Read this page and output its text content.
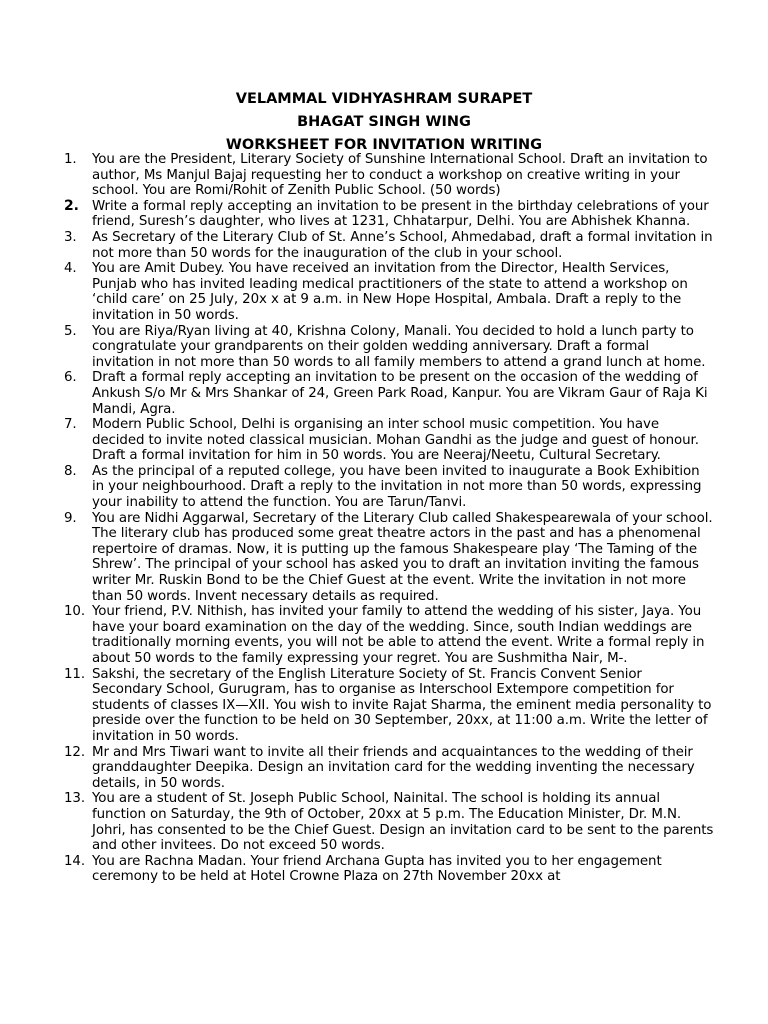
VELAMMAL VIDHYASHRAM SURAPET
BHAGAT SINGH WING
WORKSHEET FOR INVITATION WRITING
1.	You are the President, Literary Society of Sunshine International School. Draft an invitation to author, Ms Manjul Bajaj requesting her to conduct a workshop on creative writing in your school. You are Romi/Rohit of Zenith Public School. (50 words)
2. Write a formal reply accepting an invitation to be present in the birthday celebrations of your friend, Suresh’s daughter, who lives at 1231, Chhatarpur, Delhi. You are Abhishek Khanna.
3.	As Secretary of the Literary Club of St. Anne’s School, Ahmedabad, draft a formal invitation in not more than 50 words for the inauguration of the club in your school.
4.	You are Amit Dubey. You have received an invitation from the Director, Health Services, Punjab who has invited leading medical practitioners of the state to attend a workshop on ‘child care’ on 25 July, 20x x at 9 a.m. in New Hope Hospital, Ambala. Draft a reply to the invitation in 50 words.
5.	You are Riya/Ryan living at 40, Krishna Colony, Manali. You decided to hold a lunch party to congratulate your grandparents on their golden wedding anniversary. Draft a formal invitation in not more than 50 words to all family members to attend a grand lunch at home.
6.	Draft a formal reply accepting an invitation to be present on the occasion of the wedding of Ankush S/o Mr & Mrs Shankar of 24, Green Park Road, Kanpur. You are Vikram Gaur of Raja Ki Mandi, Agra.
7.	Modern Public School, Delhi is organising an inter school music competition. You have decided to invite noted classical musician. Mohan Gandhi as the judge and guest of honour. Draft a formal invitation for him in 50 words. You are Neeraj/Neetu, Cultural Secretary.
8.	As the principal of a reputed college, you have been invited to inaugurate a Book Exhibition in your neighbourhood. Draft a reply to the invitation in not more than 50 words, expressing your inability to attend the function. You are Tarun/Tanvi.
9.	You are Nidhi Aggarwal, Secretary of the Literary Club called Shakespearewala of your school. The literary club has produced some great theatre actors in the past and has a phenomenal repertoire of dramas. Now, it is putting up the famous Shakespeare play ‘The Taming of the Shrew’. The principal of your school has asked you to draft an invitation inviting the famous writer Mr. Ruskin Bond to be the Chief Guest at the event. Write the invitation in not more than 50 words. Invent necessary details as required.
10. Your friend, P.V. Nithish, has invited your family to attend the wedding of his sister, Jaya. You have your board examination on the day of the wedding. Since, south Indian weddings are traditionally morning events, you will not be able to attend the event. Write a formal reply in about 50 words to the family expressing your regret. You are Sushmitha Nair, M-.
11. Sakshi, the secretary of the English Literature Society of St. Francis Convent Senior Secondary School, Gurugram, has to organise as Interschool Extempore competition for students of classes IX—XII. You wish to invite Rajat Sharma, the eminent media personality to preside over the function to be held on 30 September, 20xx, at 11:00 a.m. Write the letter of invitation in 50 words.
12. Mr and Mrs Tiwari want to invite all their friends and acquaintances to the wedding of their granddaughter Deepika. Design an invitation card for the wedding inventing the necessary details, in 50 words.
13. You are a student of St. Joseph Public School, Nainital. The school is holding its annual function on Saturday, the 9th of October, 20xx at 5 p.m. The Education Minister, Dr. M.N. Johri, has consented to be the Chief Guest. Design an invitation card to be sent to the parents and other invitees. Do not exceed 50 words.
14. You are Rachna Madan. Your friend Archana Gupta has invited you to her engagement ceremony to be held at Hotel Crowne Plaza on 27th November 20xx at
